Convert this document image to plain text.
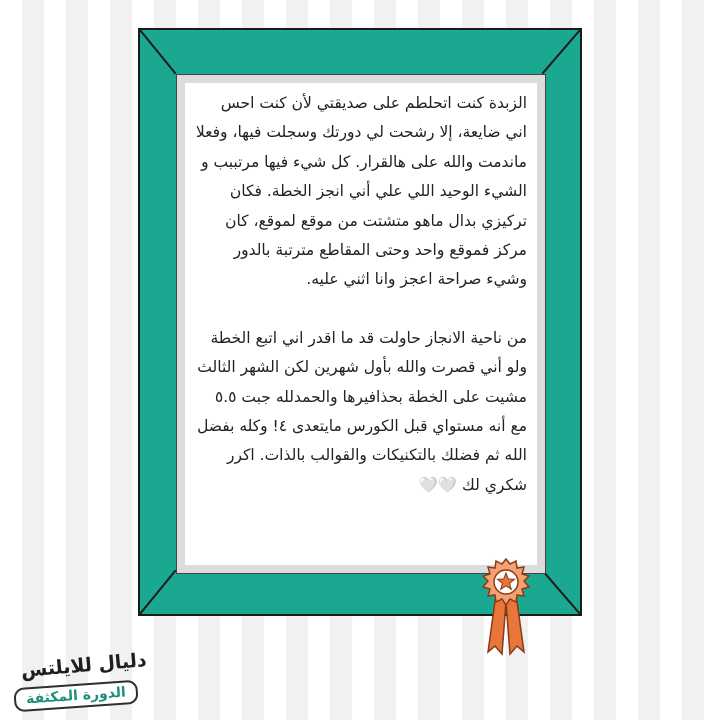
الزبدة كنت اتحلطم على صديقتي لأن كنت احس اني ضايعة، إلا رشحت لي دورتك وسجلت فيها، وفعلا ماندمت والله على هالقرار. كل شيء فيها مرتببب و الشيء الوحيد اللي علي أني انجز الخطة. فكان تركيزي بدال ماهو متشتت من موقع لموقع، كان مركز فموقع واحد وحتى المقاطع مترتبة بالدور وشيء صراحة اعجز وانا اثني عليه.

من ناحية الانجاز حاولت قد ما اقدر اني اتبع الخطة ولو أني قصرت والله بأول شهرين لكن الشهر الثالث مشيت على الخطة بحذافيرها والحمدلله جبت ٥.٥ مع أنه مستواي قبل الكورس مايتعدى ٤! وكله بفضل الله ثم فضلك بالتكنيكات والقوالب بالذات. اكرر شكري لك 🤍🤍

دليال للايلتس
الدورة المكثفة
